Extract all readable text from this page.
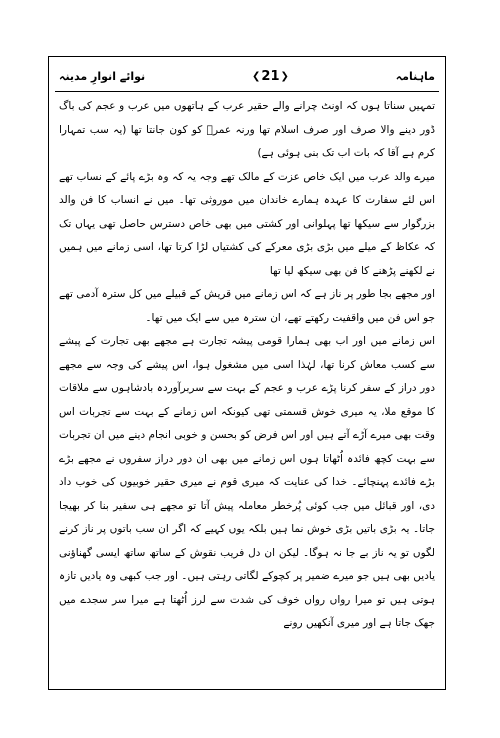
ماہنامہ
❮ 21 ❯
نوائے انوارِ مدینہ

تمہیں سناتا ہوں کہ اونٹ چرانے والے حقیر عرب کے ہاتھوں میں عرب و عجم کی باگ ڈور دینے والا صرف اور صرف اسلام تھا ورنہ عمرؓ کو کون جانتا تھا (یہ سب تمہارا کرم ہے آقا کہ بات اب تک بنی ہوئی ہے)

میرے والد عرب میں ایک خاص عزت کے مالک تھے وجہ یہ کہ وہ بڑے پائے کے نساب تھے اس لئے سفارت کا عہدہ ہمارے خاندان میں موروثی تھا۔ میں نے انساب کا فن والد بزرگوار سے سیکھا تھا پہلوانی اور کشتی میں بھی خاص دسترس حاصل تھی یہاں تک کہ عکاظ کے میلے میں بڑی بڑی معرکے کی کشتیاں لڑا کرتا تھا، اسی زمانے میں ہمیں نے لکھنے پڑھنے کا فن بھی سیکھ لیا تھا

اور مجھے بجا طور پر ناز ہے کہ اس زمانے میں قریش کے قبیلے میں کل سترہ آدمی تھے جو اس فن میں واقفیت رکھتے تھے، ان سترہ میں سے ایک میں تھا۔

اس زمانے میں اور اب بھی ہمارا قومی پیشہ تجارت ہے مجھے بھی تجارت کے پیشے سے کسب معاش کرنا تھا، لہٰذا اسی میں مشغول ہوا، اس پیشے کی وجہ سے مجھے دور دراز کے سفر کرنا پڑے عرب و عجم کے بہت سے سربرآوردہ بادشاہوں سے ملاقات کا موقع ملا، یہ میری خوش قسمتی تھی کیونکہ اس زمانے کے بہت سے تجربات اس وقت بھی میرے آڑے آتے ہیں اور اس فرض کو بحسن و خوبی انجام دینے میں ان تجربات سے بہت کچھ فائدہ اُٹھاتا ہوں اس زمانے میں بھی ان دور دراز سفروں نے مجھے بڑے بڑے فائدے پہنچائے۔ خدا کی عنایت کہ میری قوم نے میری حقیر خوبیوں کی خوب داد دی، اور قبائل میں جب کوئی پُرخطر معاملہ پیش آتا تو مجھے ہی سفیر بنا کر بھیجا جاتا۔ یہ بڑی باتیں بڑی خوش نما ہیں بلکہ یوں کہیے کہ اگر ان سب باتوں پر ناز کرنے لگوں تو یہ ناز بے جا نہ ہوگا۔ لیکن ان دل فریب نقوش کے ساتھ ساتھ ایسی گھناؤنی یادیں بھی ہیں جو میرے ضمیر پر کچوکے لگاتی رہتی ہیں۔ اور جب کبھی وہ یادیں تازہ ہوتی ہیں تو میرا رواں رواں خوف کی شدت سے لرز اُٹھتا ہے میرا سر سجدے میں جھک جاتا ہے اور میری آنکھیں رونے
